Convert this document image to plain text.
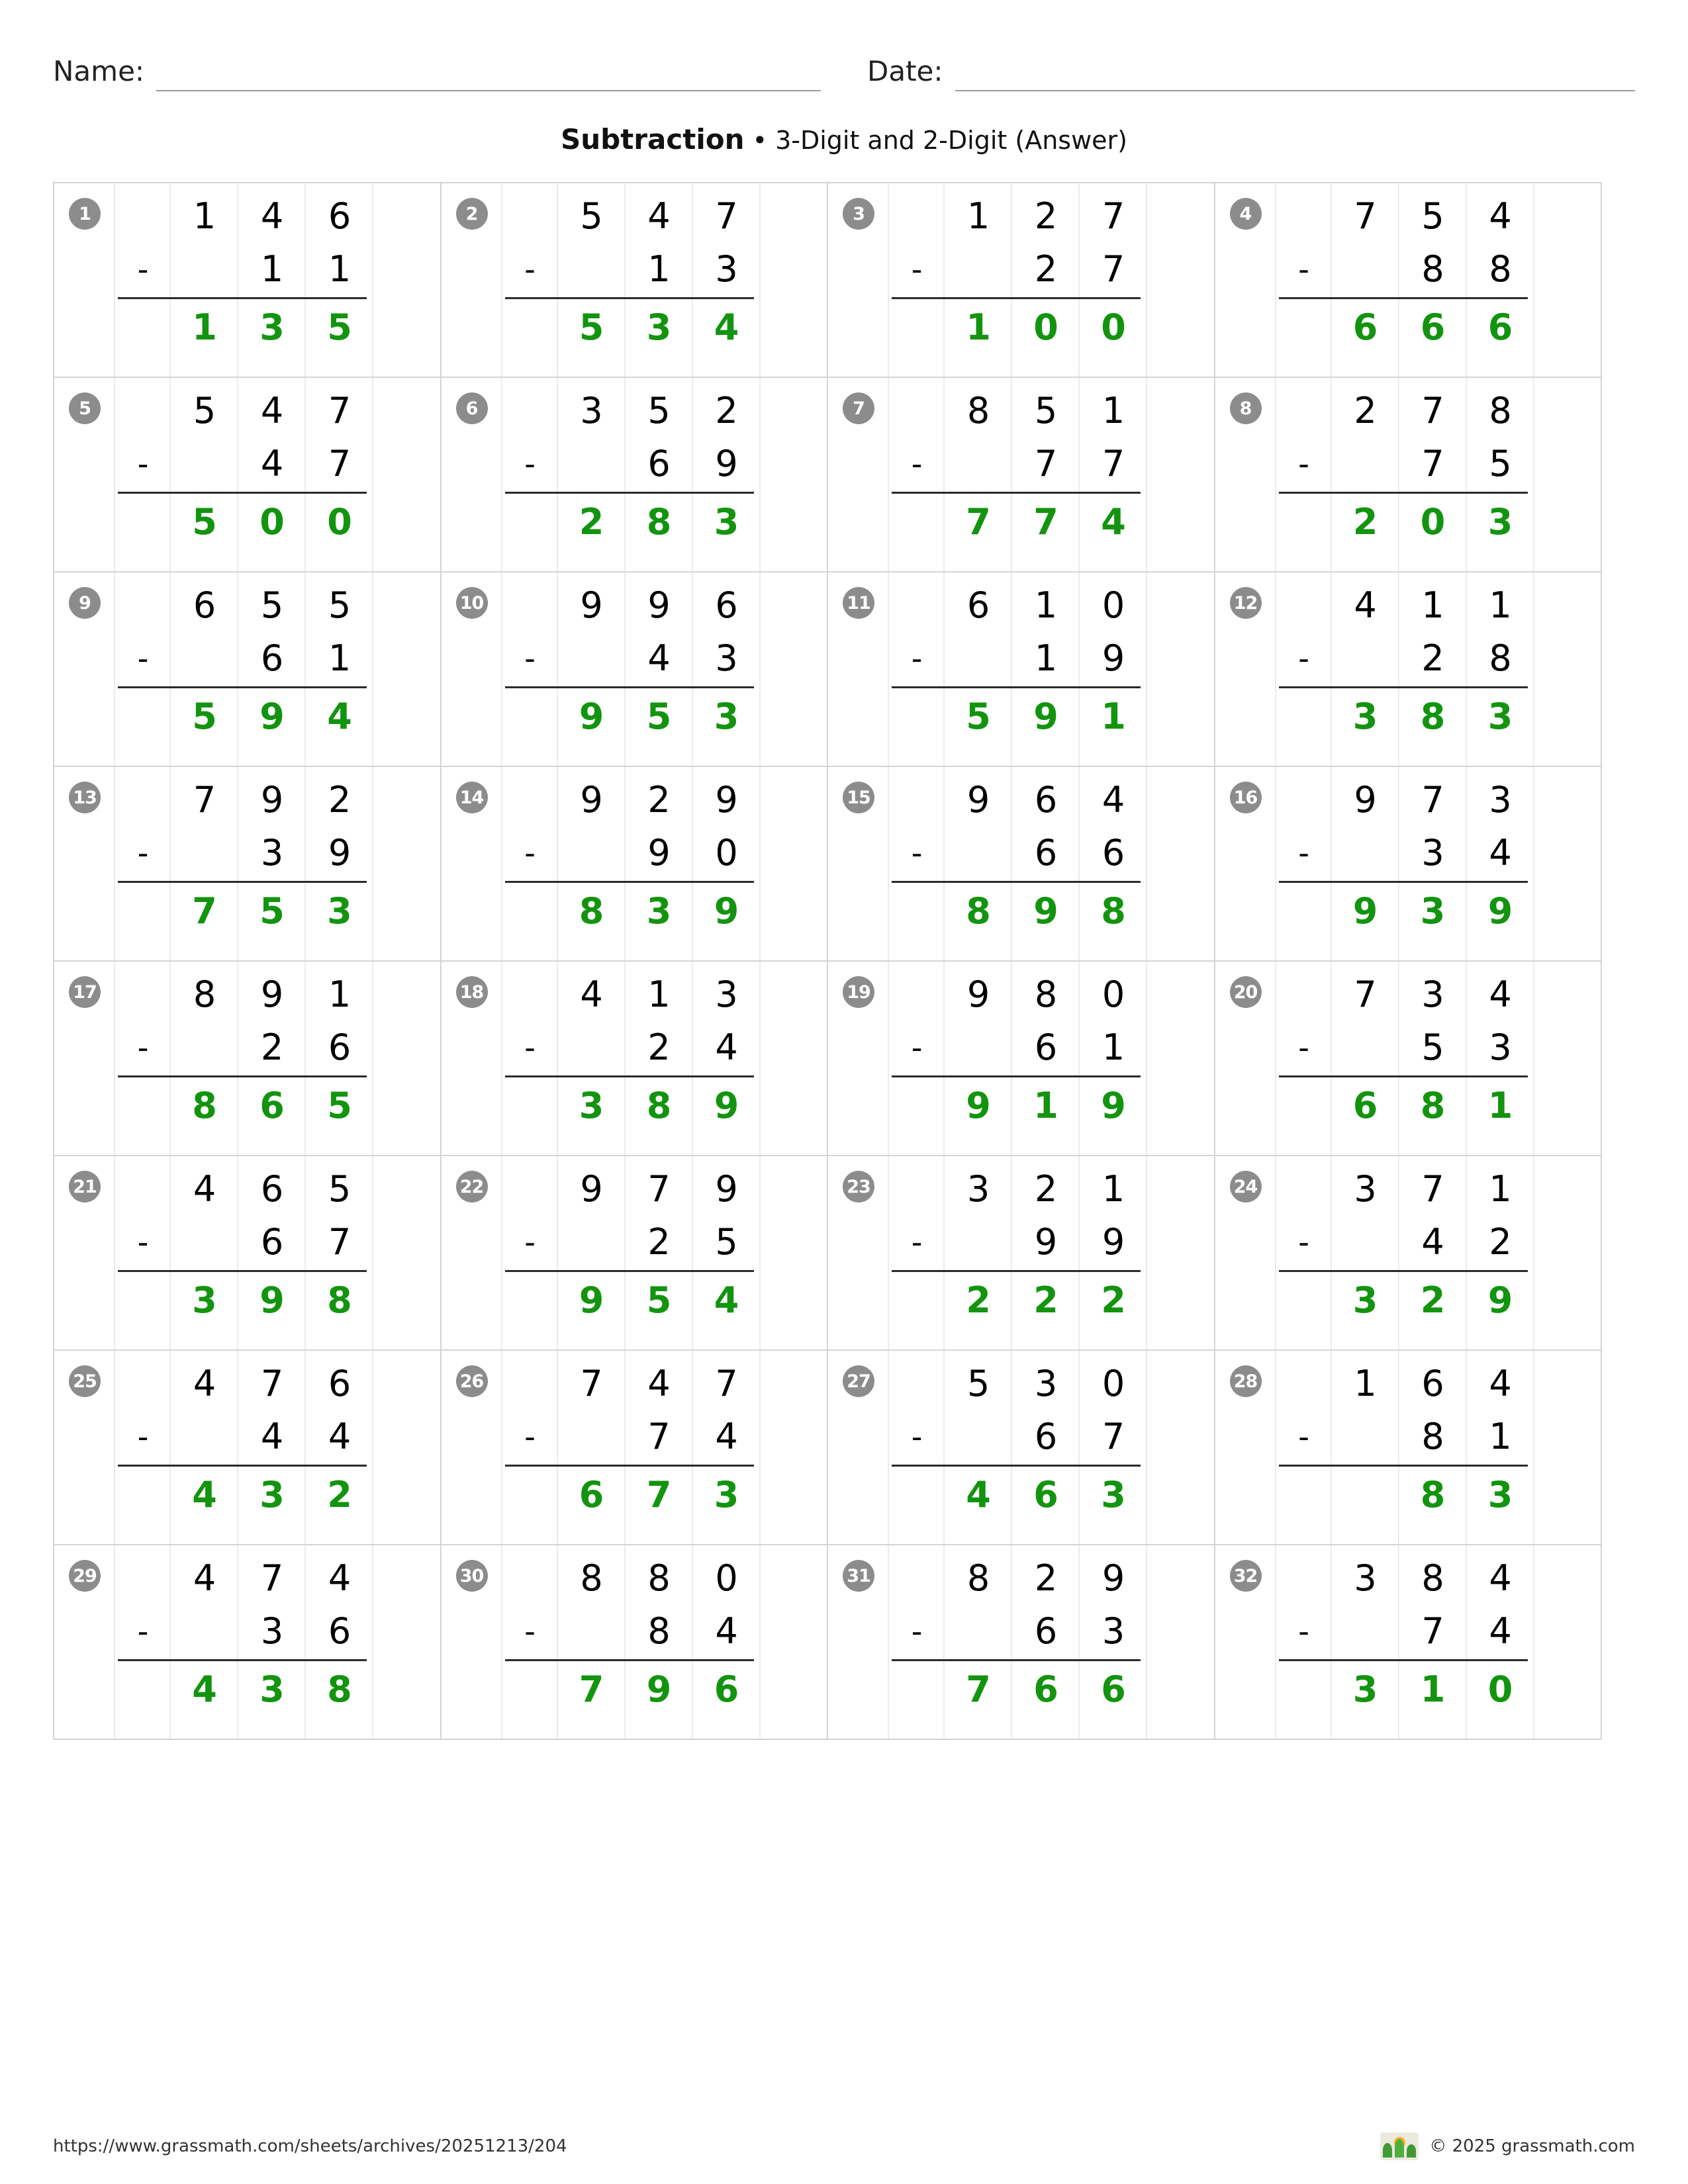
Name:	Date:
Subtraction • 3-Digit and 2-Digit (Answer)
1	1	4	6
-	1	1
1	3	5
2	5	4	7
-	1	3
5	3	4
3	1	2	7
-	2	7
1	0	0
4	7	5	4
-	8	8
6	6	6
5	5	4	7
-	4	7
5	0	0
6	3	5	2
-	6	9
2	8	3
7	8	5	1
-	7	7
7	7	4
8	2	7	8
-	7	5
2	0	3
9	6	5	5
-	6	1
5	9	4
10	9	9	6
-	4	3
9	5	3
11	6	1	0
-	1	9
5	9	1
12	4	1	1
-	2	8
3	8	3
13	7	9	2
-	3	9
7	5	3
14	9	2	9
-	9	0
8	3	9
15	9	6	4
-	6	6
8	9	8
16	9	7	3
-	3	4
9	3	9
17	8	9	1
-	2	6
8	6	5
18	4	1	3
-	2	4
3	8	9
19	9	8	0
-	6	1
9	1	9
20	7	3	4
-	5	3
6	8	1
21	4	6	5
-	6	7
3	9	8
22	9	7	9
-	2	5
9	5	4
23	3	2	1
-	9	9
2	2	2
24	3	7	1
-	4	2
3	2	9
25	4	7	6
-	4	4
4	3	2
26	7	4	7
-	7	4
6	7	3
27	5	3	0
-	6	7
4	6	3
28	1	6	4
-	8	1
8	3
29	4	7	4
-	3	6
4	3	8
30	8	8	0
-	8	4
7	9	6
31	8	2	9
-	6	3
7	6	6
32	3	8	4
-	7	4
3	1	0
https://www.grassmath.com/sheets/archives/20251213/204	© 2025 grassmath.com
